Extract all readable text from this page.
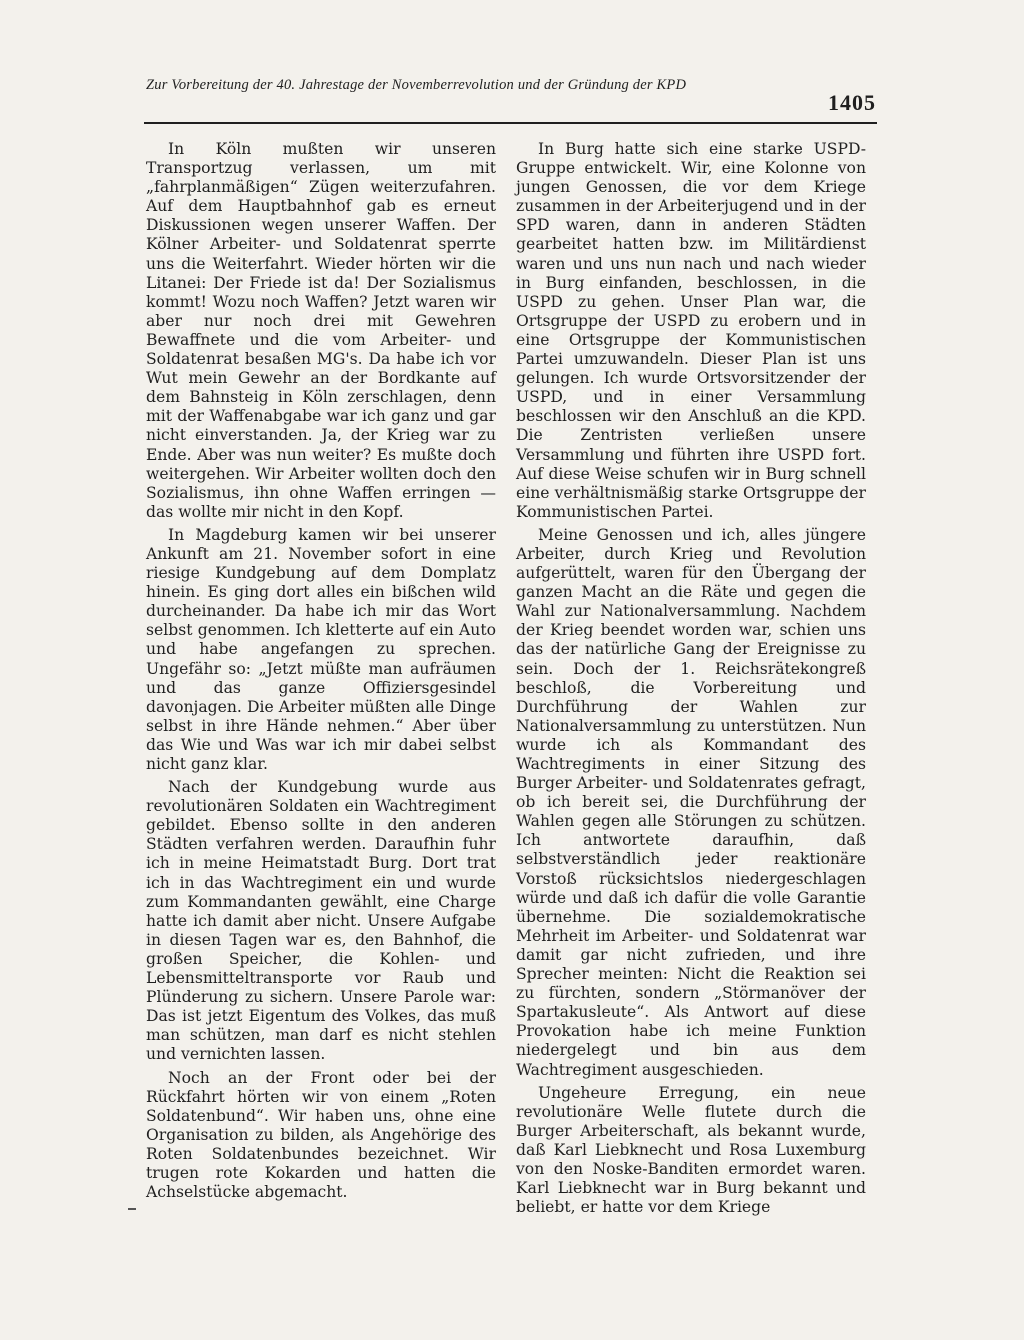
Zur Vorbereitung der 40. Jahrestage der Novemberrevolution und der Gründung der KPD

1405

In Köln mußten wir unseren Transportzug verlassen, um mit „fahrplanmäßigen“ Zügen weiterzufahren. Auf dem Hauptbahnhof gab es erneut Diskussionen wegen unserer Waffen. Der Kölner Arbeiter- und Soldatenrat sperrte uns die Weiterfahrt. Wieder hörten wir die Litanei: Der Friede ist da! Der Sozialismus kommt! Wozu noch Waffen? Jetzt waren wir aber nur noch drei mit Gewehren Bewaffnete und die vom Arbeiter- und Soldatenrat besaßen MG's. Da habe ich vor Wut mein Gewehr an der Bordkante auf dem Bahnsteig in Köln zerschlagen, denn mit der Waffenabgabe war ich ganz und gar nicht einverstanden. Ja, der Krieg war zu Ende. Aber was nun weiter? Es mußte doch weitergehen. Wir Arbeiter wollten doch den Sozialismus, ihn ohne Waffen erringen — das wollte mir nicht in den Kopf.

In Magdeburg kamen wir bei unserer Ankunft am 21. November sofort in eine riesige Kundgebung auf dem Domplatz hinein. Es ging dort alles ein bißchen wild durcheinander. Da habe ich mir das Wort selbst genommen. Ich kletterte auf ein Auto und habe angefangen zu sprechen. Ungefähr so: „Jetzt müßte man aufräumen und das ganze Offiziersgesindel davonjagen. Die Arbeiter müßten alle Dinge selbst in ihre Hände nehmen.“ Aber über das Wie und Was war ich mir dabei selbst nicht ganz klar.

Nach der Kundgebung wurde aus revolutionären Soldaten ein Wachtregiment gebildet. Ebenso sollte in den anderen Städten verfahren werden. Daraufhin fuhr ich in meine Heimatstadt Burg. Dort trat ich in das Wachtregiment ein und wurde zum Kommandanten gewählt, eine Charge hatte ich damit aber nicht. Unsere Aufgabe in diesen Tagen war es, den Bahnhof, die großen Speicher, die Kohlen- und Lebensmitteltransporte vor Raub und Plünderung zu sichern. Unsere Parole war: Das ist jetzt Eigentum des Volkes, das muß man schützen, man darf es nicht stehlen und vernichten lassen.

Noch an der Front oder bei der Rückfahrt hörten wir von einem „Roten Soldatenbund“. Wir haben uns, ohne eine Organisation zu bilden, als Angehörige des Roten Soldatenbundes bezeichnet. Wir trugen rote Kokarden und hatten die Achselstücke abgemacht.

In Burg hatte sich eine starke USPD-Gruppe entwickelt. Wir, eine Kolonne von jungen Genossen, die vor dem Kriege zusammen in der Arbeiterjugend und in der SPD waren, dann in anderen Städten gearbeitet hatten bzw. im Militärdienst waren und uns nun nach und nach wieder in Burg einfanden, beschlossen, in die USPD zu gehen. Unser Plan war, die Ortsgruppe der USPD zu erobern und in eine Ortsgruppe der Kommunistischen Partei umzuwandeln. Dieser Plan ist uns gelungen. Ich wurde Ortsvorsitzender der USPD, und in einer Versammlung beschlossen wir den Anschluß an die KPD. Die Zentristen verließen unsere Versammlung und führten ihre USPD fort. Auf diese Weise schufen wir in Burg schnell eine verhältnismäßig starke Ortsgruppe der Kommunistischen Partei.

Meine Genossen und ich, alles jüngere Arbeiter, durch Krieg und Revolution aufgerüttelt, waren für den Übergang der ganzen Macht an die Räte und gegen die Wahl zur Nationalversammlung. Nachdem der Krieg beendet worden war, schien uns das der natürliche Gang der Ereignisse zu sein. Doch der 1. Reichsrätekongreß beschloß, die Vorbereitung und Durchführung der Wahlen zur Nationalversammlung zu unterstützen. Nun wurde ich als Kommandant des Wachtregiments in einer Sitzung des Burger Arbeiter- und Soldatenrates gefragt, ob ich bereit sei, die Durchführung der Wahlen gegen alle Störungen zu schützen. Ich antwortete daraufhin, daß selbstverständlich jeder reaktionäre Vorstoß rücksichtslos niedergeschlagen würde und daß ich dafür die volle Garantie übernehme. Die sozialdemokratische Mehrheit im Arbeiter- und Soldatenrat war damit gar nicht zufrieden, und ihre Sprecher meinten: Nicht die Reaktion sei zu fürchten, sondern „Störmanöver der Spartakusleute“. Als Antwort auf diese Provokation habe ich meine Funktion niedergelegt und bin aus dem Wachtregiment ausgeschieden.

Ungeheure Erregung, ein neue revolutionäre Welle flutete durch die Burger Arbeiterschaft, als bekannt wurde, daß Karl Liebknecht und Rosa Luxemburg von den Noske-Banditen ermordet waren. Karl Liebknecht war in Burg bekannt und beliebt, er hatte vor dem Kriege
